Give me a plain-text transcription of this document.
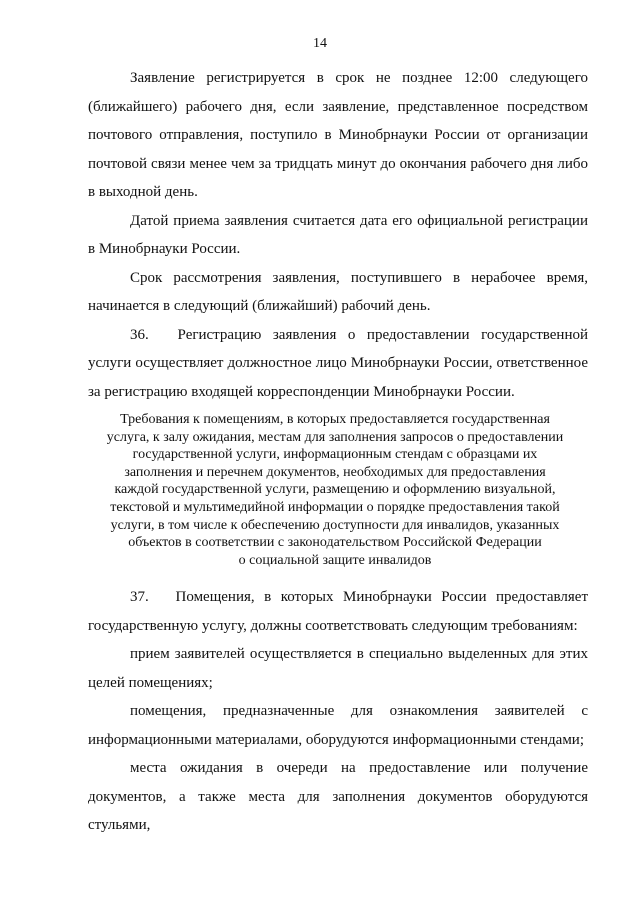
14

Заявление регистрируется в срок не позднее 12:00 следующего (ближайшего) рабочего дня, если заявление, представленное посредством почтового отправления, поступило в Минобрнауки России от организации почтовой связи менее чем за тридцать минут до окончания рабочего дня либо в выходной день.

Датой приема заявления считается дата его официальной регистрации в Минобрнауки России.

Срок рассмотрения заявления, поступившего в нерабочее время, начинается в следующий (ближайший) рабочий день.

36. Регистрацию заявления о предоставлении государственной услуги осуществляет должностное лицо Минобрнауки России, ответственное за регистрацию входящей корреспонденции Минобрнауки России.

Требования к помещениям, в которых предоставляется государственная
услуга, к залу ожидания, местам для заполнения запросов о предоставлении
государственной услуги, информационным стендам с образцами их
заполнения и перечнем документов, необходимых для предоставления
каждой государственной услуги, размещению и оформлению визуальной,
текстовой и мультимедийной информации о порядке предоставления такой
услуги, в том числе к обеспечению доступности для инвалидов, указанных
объектов в соответствии с законодательством Российской Федерации
о социальной защите инвалидов

37. Помещения, в которых Минобрнауки России предоставляет государственную услугу, должны соответствовать следующим требованиям:

прием заявителей осуществляется в специально выделенных для этих целей помещениях;

помещения, предназначенные для ознакомления заявителей с информационными материалами, оборудуются информационными стендами;

места ожидания в очереди на предоставление или получение документов, а также места для заполнения документов оборудуются стульями,
